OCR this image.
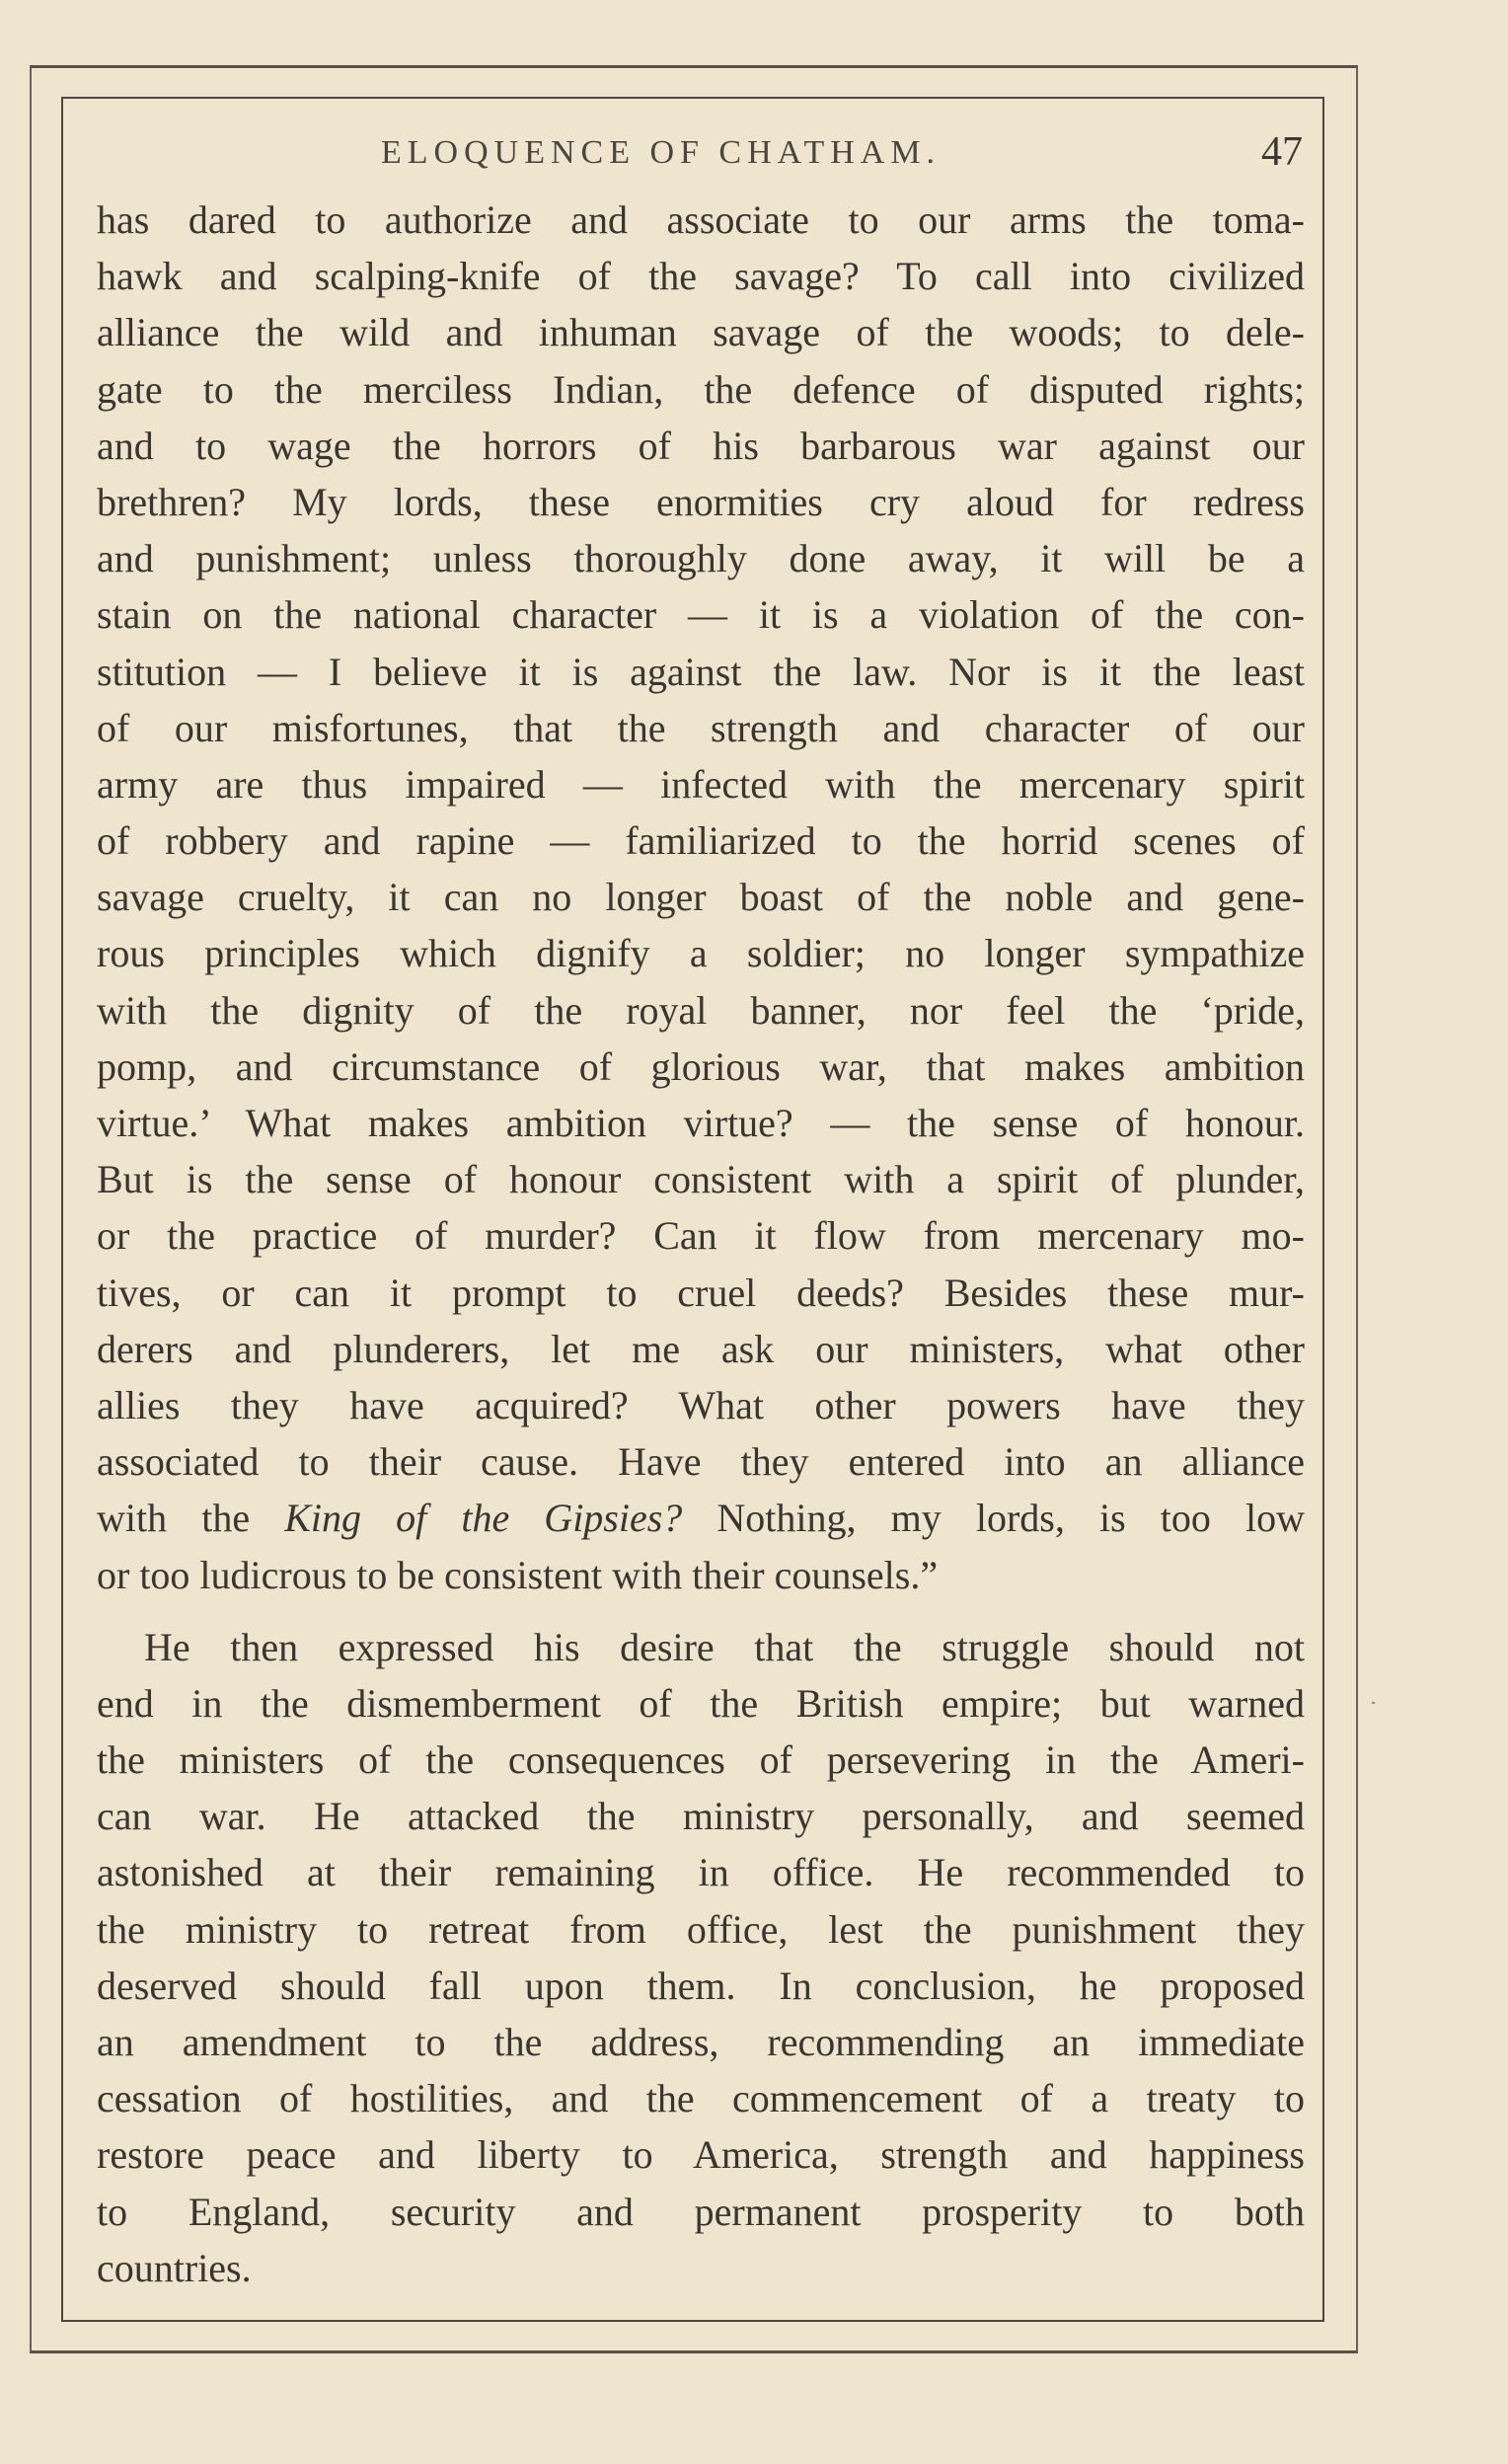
ELOQUENCE OF CHATHAM.	47
has dared to authorize and associate to our arms the toma-
hawk and scalping-knife of the savage? To call into civilized
alliance the wild and inhuman savage of the woods; to dele-
gate to the merciless Indian, the defence of disputed rights;
and to wage the horrors of his barbarous war against our
brethren? My lords, these enormities cry aloud for redress
and punishment; unless thoroughly done away, it will be a
stain on the national character — it is a violation of the con-
stitution — I believe it is against the law. Nor is it the least
of our misfortunes, that the strength and character of our
army are thus impaired — infected with the mercenary spirit
of robbery and rapine — familiarized to the horrid scenes of
savage cruelty, it can no longer boast of the noble and gene-
rous principles which dignify a soldier; no longer sympathize
with the dignity of the royal banner, nor feel the ‘pride,
pomp, and circumstance of glorious war, that makes ambition
virtue.’ What makes ambition virtue? — the sense of honour.
But is the sense of honour consistent with a spirit of plunder,
or the practice of murder? Can it flow from mercenary mo-
tives, or can it prompt to cruel deeds? Besides these mur-
derers and plunderers, let me ask our ministers, what other
allies they have acquired? What other powers have they
associated to their cause. Have they entered into an alliance
with the King of the Gipsies? Nothing, my lords, is too low
or too ludicrous to be consistent with their counsels.”
He then expressed his desire that the struggle should not
end in the dismemberment of the British empire; but warned
the ministers of the consequences of persevering in the Ameri-
can war. He attacked the ministry personally, and seemed
astonished at their remaining in office. He recommended to
the ministry to retreat from office, lest the punishment they
deserved should fall upon them. In conclusion, he proposed
an amendment to the address, recommending an immediate
cessation of hostilities, and the commencement of a treaty to
restore peace and liberty to America, strength and happiness
to England, security and permanent prosperity to both
countries.
